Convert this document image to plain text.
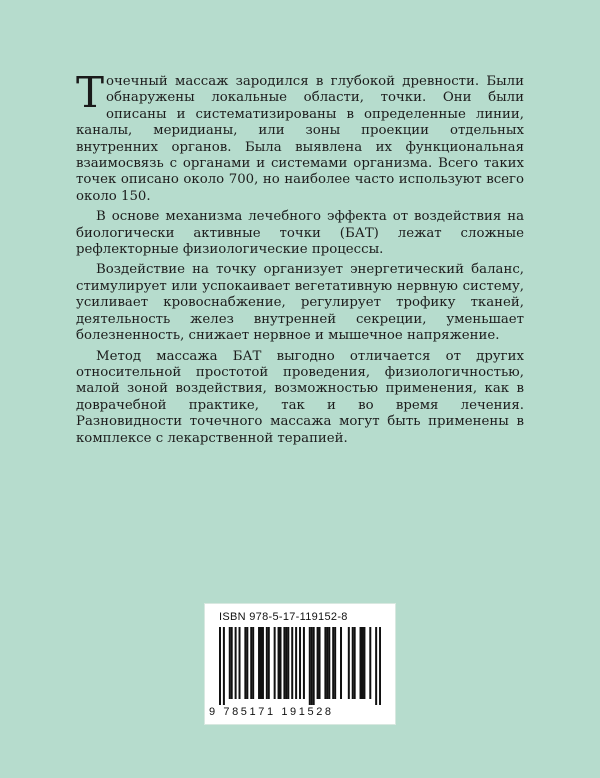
Точечный массаж зародился в глубокой древности. Были обнаружены локальные области, точки. Они были описаны и систематизированы в определенные линии, каналы, меридианы, или зоны проекции отдельных внутренних органов. Была выявлена их функциональная взаимосвязь с органами и системами организма. Всего таких точек описано около 700, но наиболее часто используют всего около 150.

В основе механизма лечебного эффекта от воздействия на биологически активные точки (БАТ) лежат сложные рефлекторные физиологические процессы.

Воздействие на точку организует энергетический баланс, стимулирует или успокаивает вегетативную нервную систему, усиливает кровоснабжение, регулирует трофику тканей, деятельность желез внутренней секреции, уменьшает болезненность, снижает нервное и мышечное напряжение.

Метод массажа БАТ выгодно отличается от других относительной простотой проведения, физиологичностью, малой зоной воздействия, возможностью применения, как в доврачебной практике, так и во время лечения. Разновидности точечного массажа могут быть применены в комплексе с лекарственной терапией.

ISBN 978-5-17-119152-8
9 785171 191528
